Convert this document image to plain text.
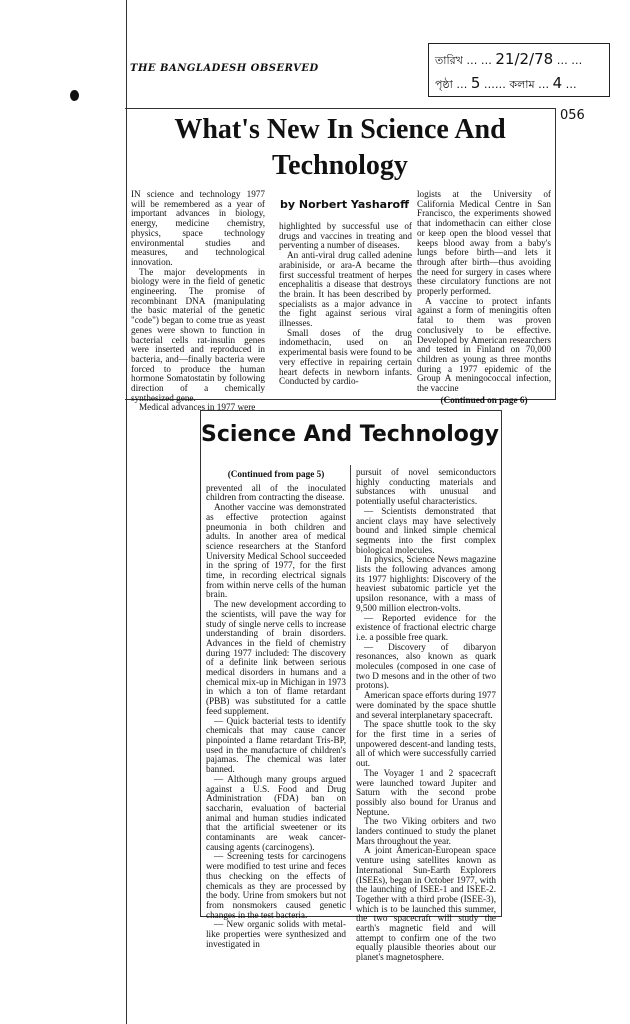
THE BANGLADESH OBSERVED
তারিখ … … 21/2/78 … …
পৃষ্ঠা … 5 …… কলাম … 4 …
056
What's New In Science And Technology
by Norbert Yasharoff

IN science and technology 1977 will be remembered as a year of important advances in biology, energy, medicine chemistry, physics, space technology environmental studies and measures, and technological innovation.

The major developments in biology were in the field of genetic engineering. The promise of recombinant DNA (manipulating the basic material of the genetic "code") began to come true as yeast genes were shown to function in bacterial cells rat-insulin genes were inserted and reproduced in bacteria, and—finally bacteria were forced to produce the human hormone Somatostatin by following direction of a chemically synthesized gene.

Medical advances in 1977 were

highlighted by successful use of drugs and vaccines in treating and perventing a number of diseases.

An anti-viral drug called adenine arabiniside, or ara-A became the first successful treatment of herpes encephalitis a disease that destroys the brain. It has been described by specialists as a major advance in the fight against serious viral illnesses.

Small doses of the drug indomethacin, used on an experimental basis were found to be very effective in repairing certain heart defects in newborn infants. Conducted by cardio-

logists at the University of California Medical Centre in San Francisco, the experiments showed that indomethacin can either close or keep open the blood vessel that keeps blood away from a baby's lungs before birth—and lets it through after birth—thus avoiding the need for surgery in cases where these circulatory functions are not properly performed.

A vaccine to protect infants against a form of meningitis often fatal to them was proven conclusively to be effective. Developed by American researchers and tested in Finland on 70,000 children as young as three months during a 1977 epidemic of the Group A meningococcal infection, the vaccine

(Continued on page 6)

Science And Technology

(Continued from page 5)

prevented all of the inoculated children from contracting the disease.

Another vaccine was demonstrated as effective protection against pneumonia in both children and adults. In another area of medical science researchers at the Stanford University Medical School succeeded in the spring of 1977, for the first time, in recording electrical signals from within nerve cells of the human brain.

The new development according to the scientists, will pave the way for study of single nerve cells to increase understanding of brain disorders. Advances in the field of chemistry during 1977 included: The discovery of a definite link between serious medical disorders in humans and a chemical mix-up in Michigan in 1973 in which a ton of flame retardant (PBB) was substituted for a cattle feed supplement.

— Quick bacterial tests to identify chemicals that may cause cancer pinpointed a flame retardant Tris-BP, used in the manufacture of children's pajamas. The chemical was later banned.

— Although many groups argued against a U.S. Food and Drug Administration (FDA) ban on saccharin, evaluation of bacterial animal and human studies indicated that the artificial sweetener or its contaminants are weak cancer-causing agents (carcinogens).

— Screening tests for carcinogens were modified to test urine and feces thus checking on the effects of chemicals as they are processed by the body. Urine from smokers but not from nonsmokers caused genetic changes in the test bacteria.

— New organic solids with metal-like properties were synthesized and investigated in

pursuit of novel semiconductors highly conducting materials and substances with unusual and potentially useful characteristics.

— Scientists demonstrated that ancient clays may have selectively bound and linked simple chemical segments into the first complex biological molecules.

In physics, Science News magazine lists the following advances among its 1977 highlights: Discovery of the heaviest subatomic particle yet the upsilon resonance, with a mass of 9,500 million electron-volts.

— Reported evidence for the existence of fractional electric charge i.e. a possible free quark.

— Discovery of dibaryon resonances, also known as quark molecules (composed in one case of two D mesons and in the other of two protons).

American space efforts during 1977 were dominated by the space shuttle and several interplanetary spacecraft.

The space shuttle took to the sky for the first time in a series of unpowered descent-and landing tests, all of which were successfully carried out.

The Voyager 1 and 2 spacecraft were launched toward Jupiter and Saturn with the second probe possibly also bound for Uranus and Neptune.

The two Viking orbiters and two landers continued to study the planet Mars throughout the year.

A joint American-European space venture using satellites known as International Sun-Earth Explorers (ISEEs), began in October 1977, with the launching of ISEE-1 and ISEE-2. Together with a third probe (ISEE-3), which is to be launched this summer, the two spacecraft will study the earth's magnetic field and will attempt to confirm one of the two equally plausible theories about our planet's magnetosphere.
